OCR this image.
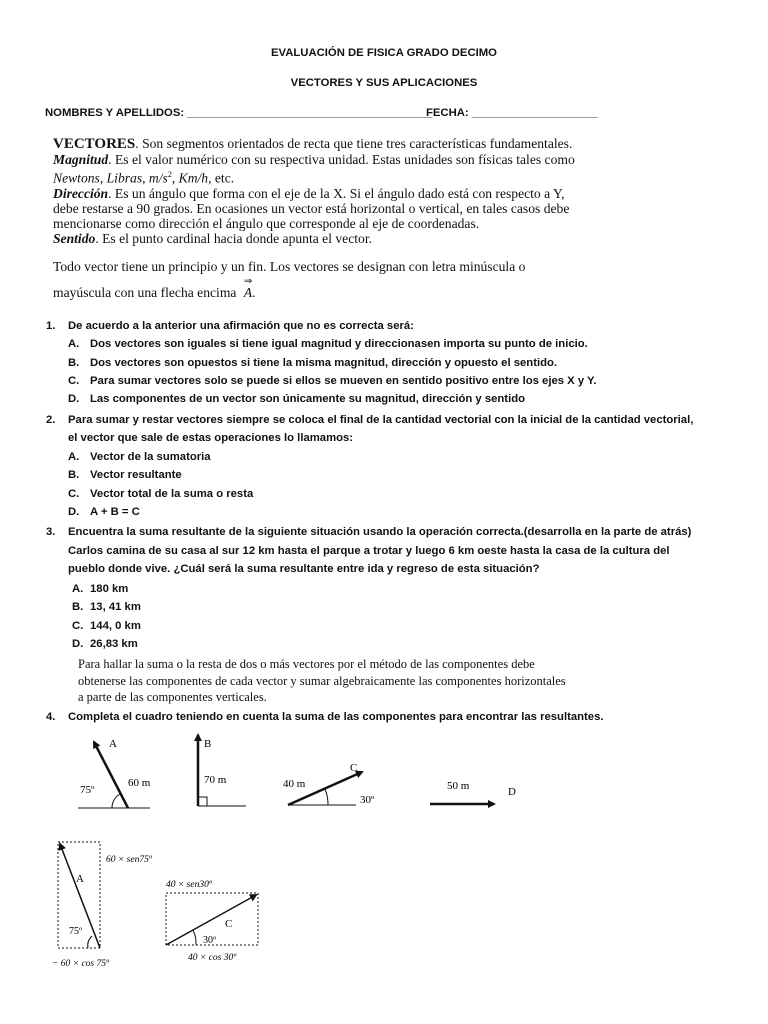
EVALUACIÓN DE FISICA GRADO DECIMO
VECTORES Y SUS APLICACIONES
NOMBRES Y APELLIDOS: _______________________________________
FECHA: ____________________
VECTORES. Son segmentos orientados de recta que tiene tres características fundamentales.
Magnitud. Es el valor numérico con su respectiva unidad. Estas unidades son físicas tales como
Newtons, Libras, $m/s^2$, Km/h, etc.
Dirección. Es un ángulo que forma con el eje de la X. Si el ángulo dado está con respecto a Y,
debe restarse a 90 grados. En ocasiones un vector está horizontal o vertical, en tales casos debe
mencionarse como dirección el ángulo que corresponde al eje de coordenadas.
Sentido. Es el punto cardinal hacia donde apunta el vector.
Todo vector tiene un principio y un fin. Los vectores se designan con letra minúscula o
mayúscula con una flecha encima
⇒
A.
1.	De acuerdo a la anterior una afirmación que no es correcta será:
A. Dos vectores son iguales si tiene igual magnitud y direccionasen importa su punto de inicio.
B. Dos vectores son opuestos si tiene la misma magnitud, dirección y opuesto el sentido.
C. Para sumar vectores solo se puede si ellos se mueven en sentido positivo entre los ejes X y Y.
D. Las componentes de un vector son únicamente su magnitud, dirección y sentido
2.	Para sumar y restar vectores siempre se coloca el final de la cantidad vectorial con la inicial de la cantidad vectorial,
el vector que sale de estas operaciones lo llamamos:
A. Vector de la sumatoria
B. Vector resultante
C. Vector total de la suma o resta
D. A + B = C
3.	Encuentra la suma resultante de la siguiente situación usando la operación correcta.(desarrolla en la parte de atrás)
Carlos camina de su casa al sur 12 km hasta el parque a trotar y luego 6 km oeste hasta la casa de la cultura del
pueblo donde vive. ¿Cuál será la suma resultante entre ida y regreso de esta situación?
A. 180 km
B. 13, 41 km
C. 144, 0 km
D. 26,83 km
Para hallar la suma o la resta de dos o más vectores por el método de las componentes debe
obtenerse las componentes de cada vector y sumar algebraicamente las componentes horizontales
a parte de las componentes verticales.
4.	Completa el cuadro teniendo en cuenta la suma de las componentes para encontrar las resultantes.
A
60 m
75º
B
70 m
C
40 m
30º
50 m	D
A
75º
60 × sen75º
− 60 × cos 75º
C
30º
40 × sen30º
40 × cos 30º
